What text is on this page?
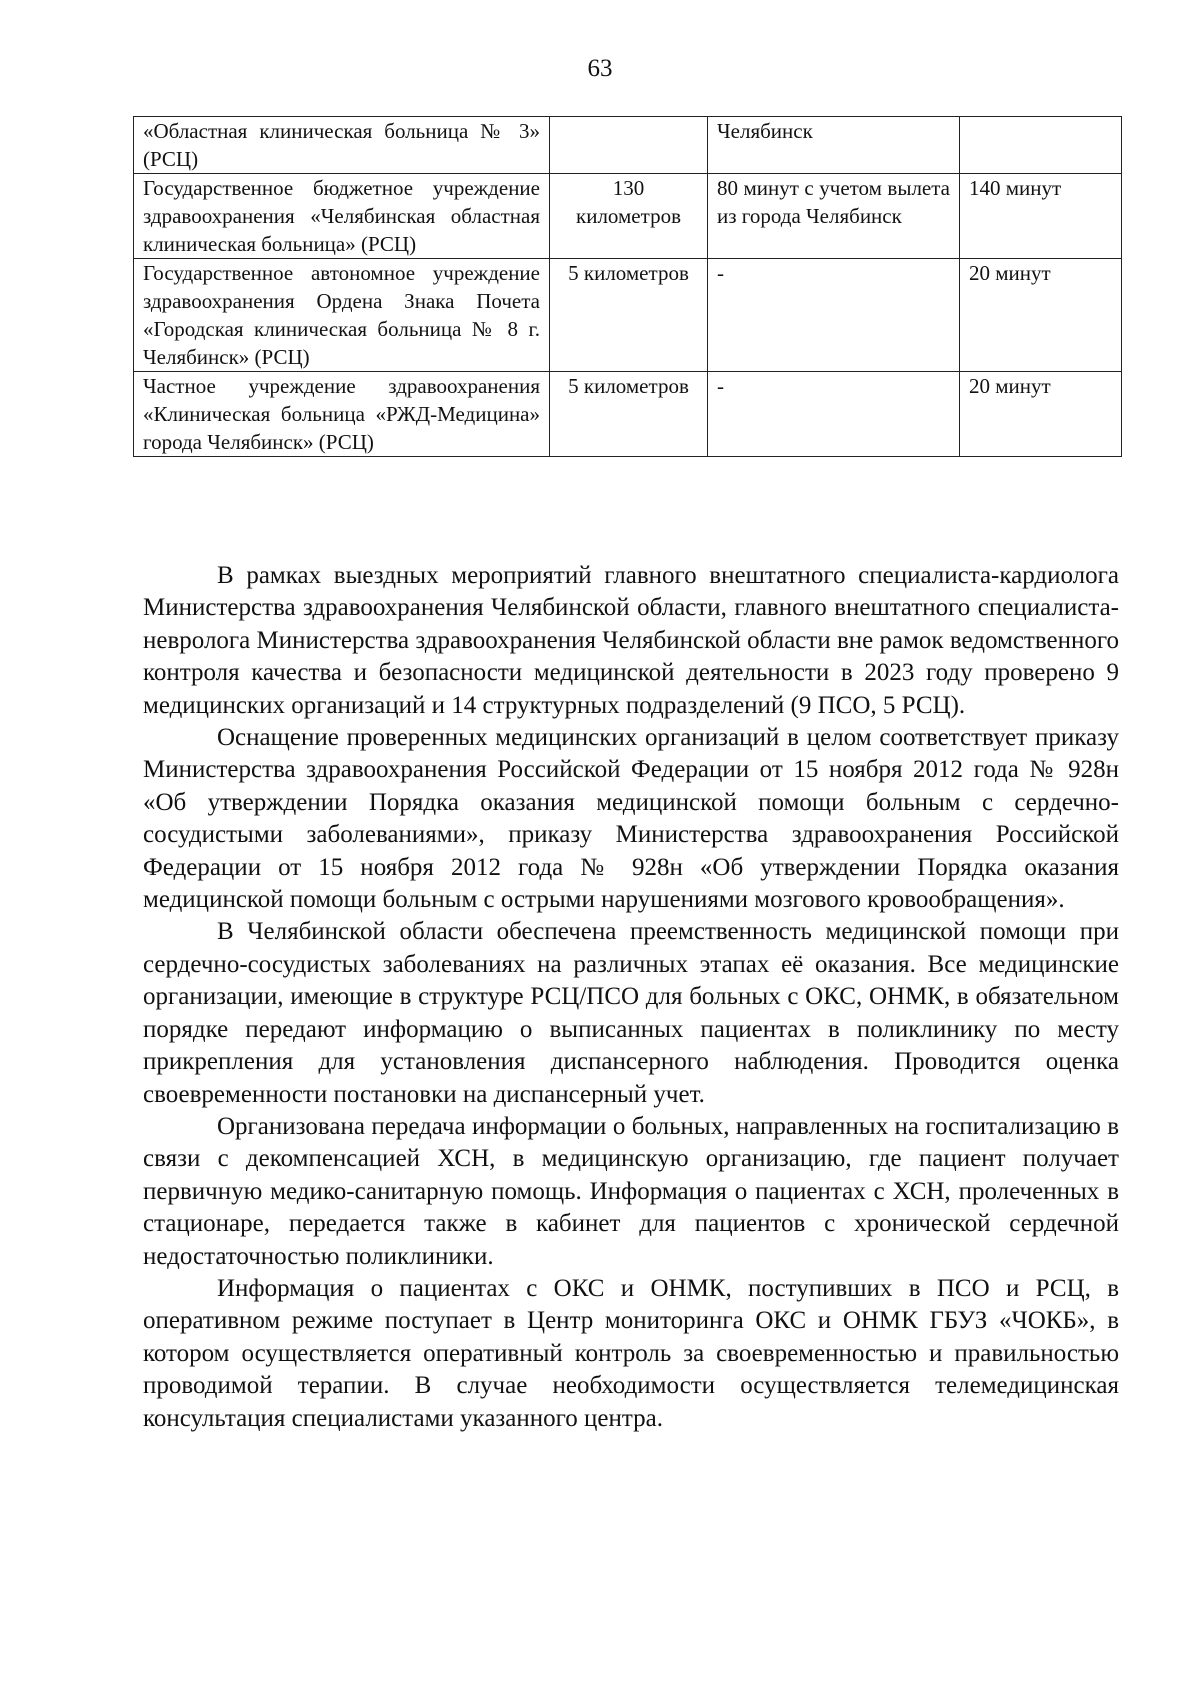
63
«Областная клиническая больница № 3» (РСЦ)		Челябинск	
Государственное бюджетное учреждение здравоохранения «Челябинская областная клиническая больница» (РСЦ)	130 километров	80 минут с учетом вылета из города Челябинск	140 минут
Государственное автономное учреждение здравоохранения Ордена Знака Почета «Городская клиническая больница № 8 г. Челябинск» (РСЦ)	5 километров	-	20 минут
Частное учреждение здравоохранения «Клиническая больница «РЖД-Медицина» города Челябинск» (РСЦ)	5 километров	-	20 минут

В рамках выездных мероприятий главного внештатного специалиста-кардиолога Министерства здравоохранения Челябинской области, главного внештатного специалиста-невролога Министерства здравоохранения Челябинской области вне рамок ведомственного контроля качества и безопасности медицинской деятельности в 2023 году проверено 9 медицинских организаций и 14 структурных подразделений (9 ПСО, 5 РСЦ).

Оснащение проверенных медицинских организаций в целом соответствует приказу Министерства здравоохранения Российской Федерации от 15 ноября 2012 года № 928н «Об утверждении Порядка оказания медицинской помощи больным с сердечно-сосудистыми заболеваниями», приказу Министерства здравоохранения Российской Федерации от 15 ноября 2012 года № 928н «Об утверждении Порядка оказания медицинской помощи больным с острыми нарушениями мозгового кровообращения».

В Челябинской области обеспечена преемственность медицинской помощи при сердечно-сосудистых заболеваниях на различных этапах её оказания. Все медицинские организации, имеющие в структуре РСЦ/ПСО для больных с ОКС, ОНМК, в обязательном порядке передают информацию о выписанных пациентах в поликлинику по месту прикрепления для установления диспансерного наблюдения. Проводится оценка своевременности постановки на диспансерный учет.

Организована передача информации о больных, направленных на госпитализацию в связи с декомпенсацией ХСН, в медицинскую организацию, где пациент получает первичную медико-санитарную помощь. Информация о пациентах с ХСН, пролеченных в стационаре, передается также в кабинет для пациентов с хронической сердечной недостаточностью поликлиники.

Информация о пациентах с ОКС и ОНМК, поступивших в ПСО и РСЦ, в оперативном режиме поступает в Центр мониторинга ОКС и ОНМК ГБУЗ «ЧОКБ», в котором осуществляется оперативный контроль за своевременностью и правильностью проводимой терапии. В случае необходимости осуществляется телемедицинская консультация специалистами указанного центра.
